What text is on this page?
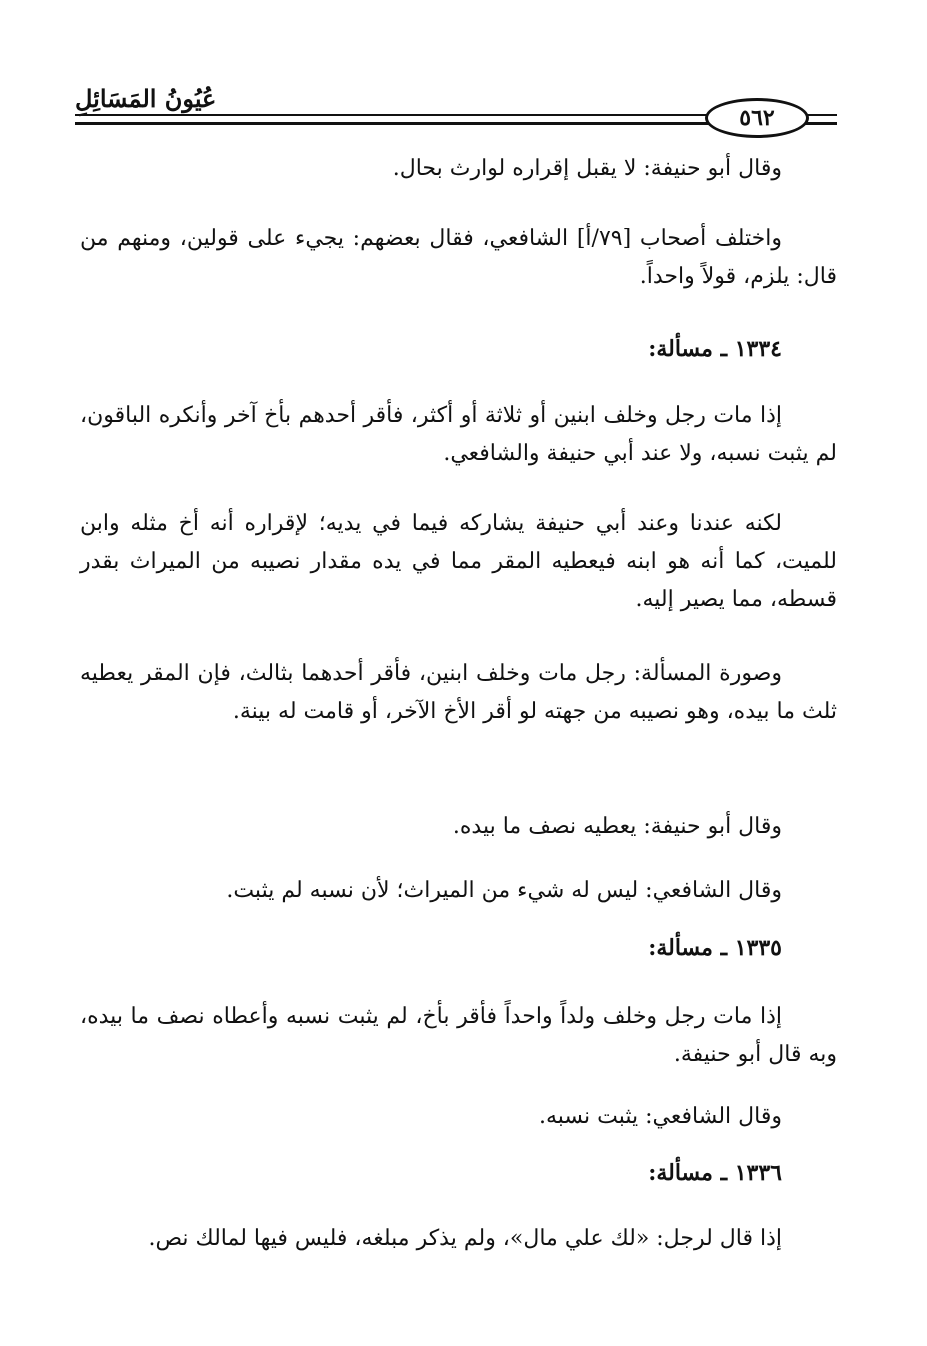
عُيُونُ المَسَائِلِ
٥٦٢

وقال أبو حنيفة: لا يقبل إقراره لوارث بحال.

واختلف أصحاب [٧٩/أ] الشافعي، فقال بعضهم: يجيء على قولين، ومنهم من قال: يلزم، قولاً واحداً.

١٣٣٤ ـ مسألة:

إذا مات رجل وخلف ابنين أو ثلاثة أو أكثر، فأقر أحدهم بأخ آخر وأنكره الباقون، لم يثبت نسبه، ولا عند أبي حنيفة والشافعي.

لكنه عندنا وعند أبي حنيفة يشاركه فيما في يديه؛ لإقراره أنه أخ مثله وابن للميت، كما أنه هو ابنه فيعطيه المقر مما في يده مقدار نصيبه من الميراث بقدر قسطه، مما يصير إليه.

وصورة المسألة: رجل مات وخلف ابنين، فأقر أحدهما بثالث، فإن المقر يعطيه ثلث ما بيده، وهو نصيبه من جهته لو أقر الأخ الآخر، أو قامت له بينة.

وقال أبو حنيفة: يعطيه نصف ما بيده.

وقال الشافعي: ليس له شيء من الميراث؛ لأن نسبه لم يثبت.

١٣٣٥ ـ مسألة:

إذا مات رجل وخلف ولداً واحداً فأقر بأخ، لم يثبت نسبه وأعطاه نصف ما بيده، وبه قال أبو حنيفة.

وقال الشافعي: يثبت نسبه.

١٣٣٦ ـ مسألة:

إذا قال لرجل: «لك علي مال»، ولم يذكر مبلغه، فليس فيها لمالك نص.
